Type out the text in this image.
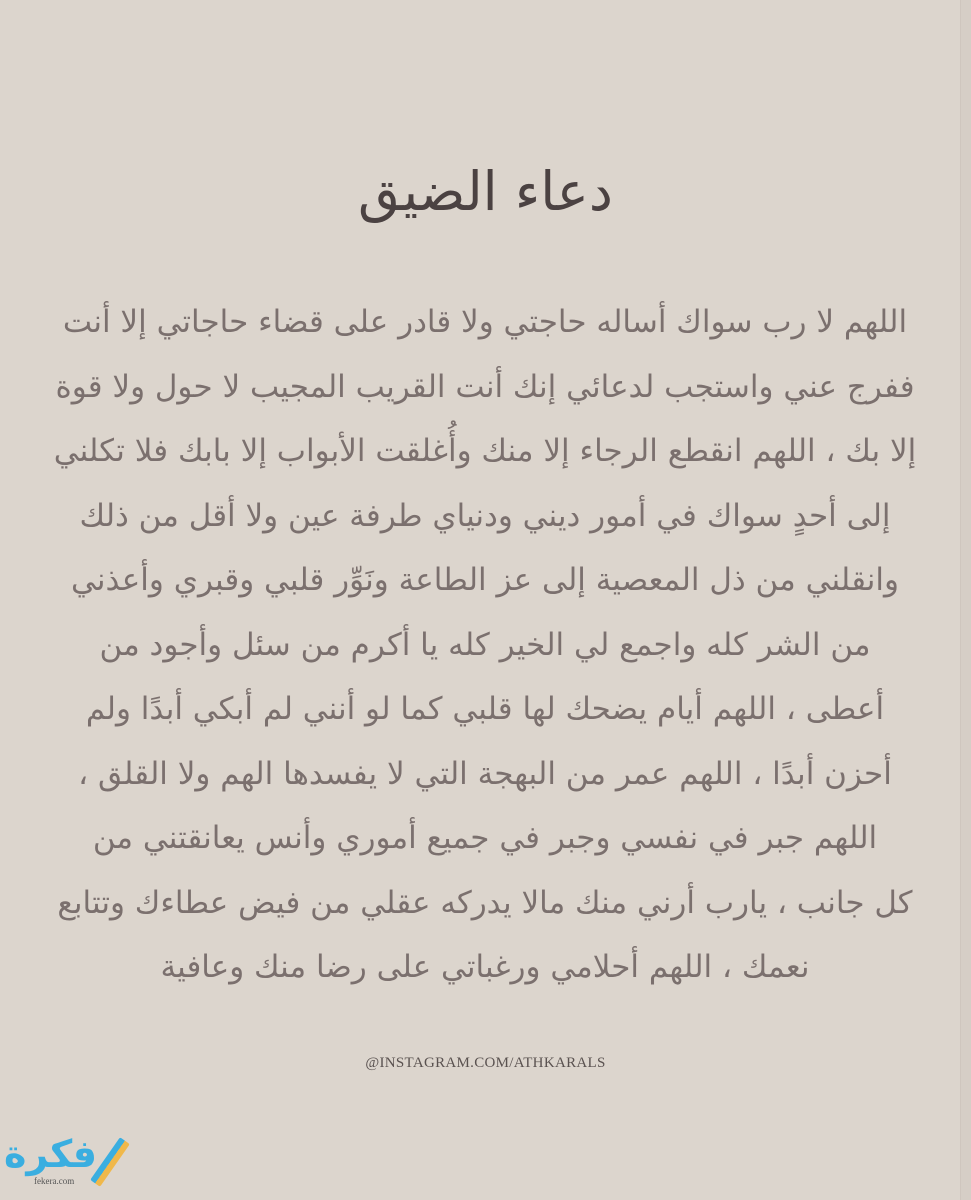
دعاء الضيق
اللهم لا رب سواك أساله حاجتي ولا قادر على قضاء حاجاتي إلا أنت
ففرج عني واستجب لدعائي إنك أنت القريب المجيب لا حول ولا قوة
إلا بك ، اللهم انقطع الرجاء إلا منك وأُغلقت الأبواب إلا بابك فلا تكلني
إلى أحدٍ سواك في أمور ديني ودنياي طرفة عين ولا أقل من ذلك
وانقلني من ذل المعصية إلى عز الطاعة ونَوِّر قلبي وقبري وأعذني
من الشر كله واجمع لي الخير كله يا أكرم من سئل وأجود من
أعطى ، اللهم أيام يضحك لها قلبي كما لو أنني لم أبكي أبدًا ولم
أحزن أبدًا ، اللهم عمر من البهجة التي لا يفسدها الهم ولا القلق ،
اللهم جبر في نفسي وجبر في جميع أموري وأنس يعانقتني من
كل جانب ، يارب أرني منك مالا يدركه عقلي من فيض عطاءك وتتابع
نعمك ، اللهم أحلامي ورغباتي على رضا منك وعافية
@INSTAGRAM.COM/ATHKARALS
فكرة
fekera.com
